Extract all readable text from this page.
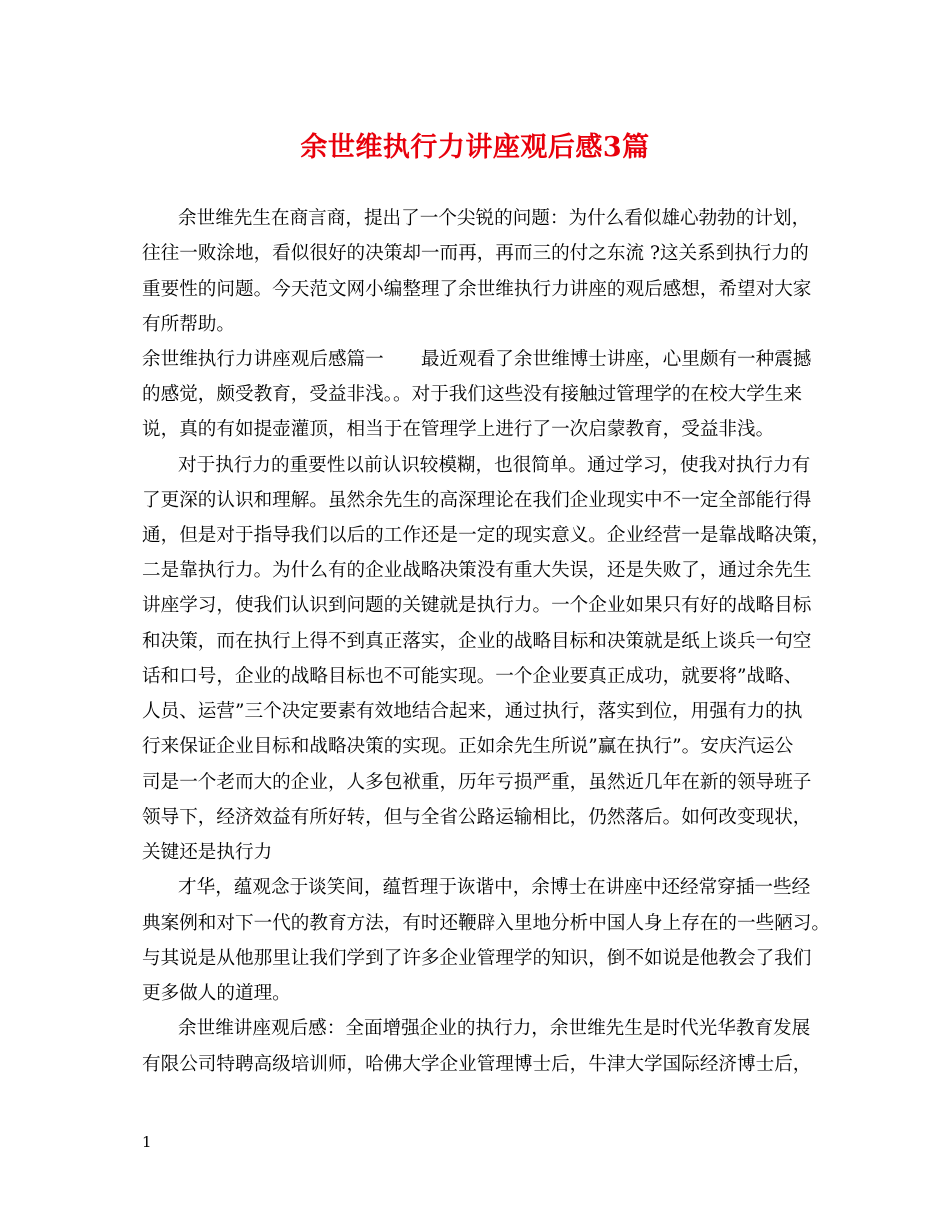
余世维执行力讲座观后感3篇
余世维先生在商言商，提出了一个尖锐的问题：为什么看似雄心勃勃的计划，
往往一败涂地，看似很好的决策却一而再，再而三的付之东流 ?这关系到执行力的
重要性的问题。今天范文网小编整理了余世维执行力讲座的观后感想，希望对大家
有所帮助。
余世维执行力讲座观后感篇一　　最近观看了余世维博士讲座，心里颇有一种震撼
的感觉，颇受教育，受益非浅。。对于我们这些没有接触过管理学的在校大学生来
说，真的有如提壶灌顶，相当于在管理学上进行了一次启蒙教育，受益非浅。
对于执行力的重要性以前认识较模糊，也很简单。通过学习，使我对执行力有
了更深的认识和理解。虽然余先生的高深理论在我们企业现实中不一定全部能行得
通，但是对于指导我们以后的工作还是一定的现实意义。企业经营一是靠战略决策，
二是靠执行力。为什么有的企业战略决策没有重大失误，还是失败了，通过余先生
讲座学习，使我们认识到问题的关键就是执行力。一个企业如果只有好的战略目标
和决策，而在执行上得不到真正落实，企业的战略目标和决策就是纸上谈兵一句空
话和口号，企业的战略目标也不可能实现。一个企业要真正成功，就要将”战略、
人员、运营”三个决定要素有效地结合起来，通过执行，落实到位，用强有力的执
行来保证企业目标和战略决策的实现。正如余先生所说”赢在执行”。安庆汽运公
司是一个老而大的企业，人多包袱重，历年亏损严重，虽然近几年在新的领导班子
领导下，经济效益有所好转，但与全省公路运输相比，仍然落后。如何改变现状，
关键还是执行力
才华，蕴观念于谈笑间，蕴哲理于诙谐中，余博士在讲座中还经常穿插一些经
典案例和对下一代的教育方法，有时还鞭辟入里地分析中国人身上存在的一些陋习。
与其说是从他那里让我们学到了许多企业管理学的知识，倒不如说是他教会了我们
更多做人的道理。
余世维讲座观后感：全面增强企业的执行力，余世维先生是时代光华教育发展
有限公司特聘高级培训师，哈佛大学企业管理博士后，牛津大学国际经济博士后，
1
